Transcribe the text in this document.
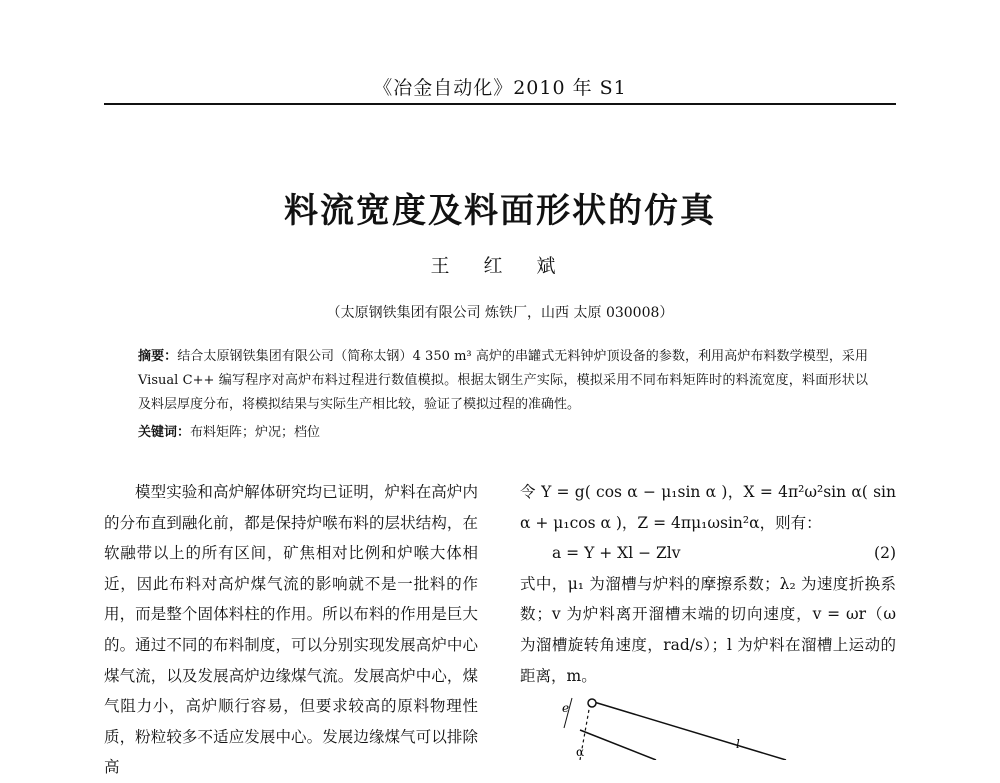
《冶金自动化》2010 年 S1
料流宽度及料面形状的仿真
王 红 斌
（太原钢铁集团有限公司 炼铁厂，山西 太原 030008）
摘要：结合太原钢铁集团有限公司（简称太钢）4 350 m³ 高炉的串罐式无料钟炉顶设备的参数，利用高炉布料数学模型，采用 Visual C++ 编写程序对高炉布料过程进行数值模拟。根据太钢生产实际，模拟采用不同布料矩阵时的料流宽度，料面形状以及料层厚度分布，将模拟结果与实际生产相比较，验证了模拟过程的准确性。
关键词：布料矩阵；炉况；档位

模型实验和高炉解体研究均已证明，炉料在高炉内的分布直到融化前，都是保持炉喉布料的层状结构，在软融带以上的所有区间，矿焦相对比例和炉喉大体相近，因此布料对高炉煤气流的影响就不是一批料的作用，而是整个固体料柱的作用。所以布料的作用是巨大的。通过不同的布料制度，可以分别实现发展高炉中心煤气流，以及发展高炉边缘煤气流。发展高炉中心，煤气阻力小，高炉顺行容易，但要求较高的原料物理性质，粉粒较多不适应发展中心。发展边缘煤气可以排除高

令 Y = g( cos α − μ₁sin α )，X = 4π²ω²sin α( sin α + μ₁cos α )，Z = 4πμ₁ωsin²α，则有：

a = Y + Xl − Zlv	(2)

式中，μ₁ 为溜槽与炉料的摩擦系数；λ₂ 为速度折换系数；v 为炉料离开溜槽末端的切向速度，v = ωr（ω 为溜槽旋转角速度，rad/s）；l 为炉料在溜槽上运动的距离，m。

e
α
l
